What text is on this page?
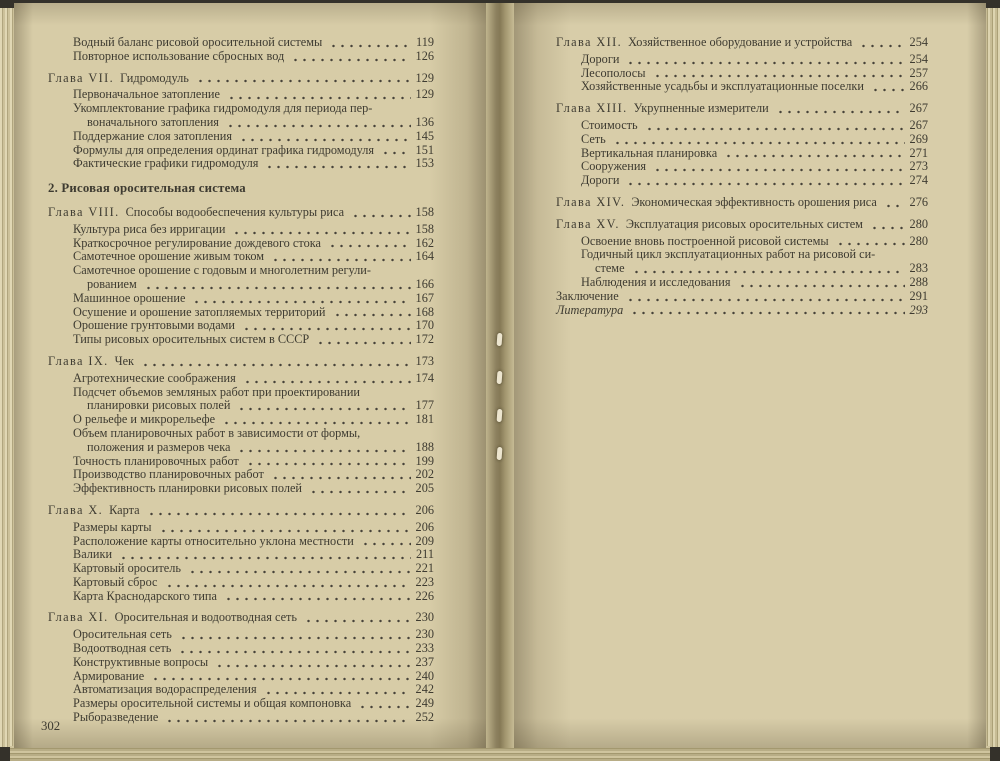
Водный баланс рисовой оросительной системы	119
Повторное использование сбросных вод	126
Глава VII. Гидромодуль	129
Первоначальное затопление	129
Укомплектование графика гидромодуля для периода пер-
воначального затопления	136
Поддержание слоя затопления	145
Формулы для определения ординат графика гидромодуля	151
Фактические графики гидромодуля	153
2. Рисовая оросительная система
Глава VIII. Способы водообеспечения культуры риса	158
Культура риса без ирригации	158
Краткосрочное регулирование дождевого стока	162
Самотечное орошение живым током	164
Самотечное орошение с годовым и многолетним регули-
рованием	166
Машинное орошение	167
Осушение и орошение затопляемых территорий	168
Орошение грунтовыми водами	170
Типы рисовых оросительных систем в СССР	172
Глава IX. Чек	173
Агротехнические соображения	174
Подсчет объемов земляных работ при проектировании
планировки рисовых полей	177
О рельефе и микрорельефе	181
Объем планировочных работ в зависимости от формы,
положения и размеров чека	188
Точность планировочных работ	199
Производство планировочных работ	202
Эффективность планировки рисовых полей	205
Глава X. Карта	206
Размеры карты	206
Расположение карты относительно уклона местности	209
Валики	211
Картовый ороситель	221
Картовый сброс	223
Карта Краснодарского типа	226
Глава XI. Оросительная и водоотводная сеть	230
Оросительная сеть	230
Водоотводная сеть	233
Конструктивные вопросы	237
Армирование	240
Автоматизация водораспределения	242
Размеры оросительной системы и общая компоновка	249
Рыборазведение	252
302
Глава XII. Хозяйственное оборудование и устройства	254
Дороги	254
Лесополосы	257
Хозяйственные усадьбы и эксплуатационные поселки	266
Глава XIII. Укрупненные измерители	267
Стоимость	267
Сеть	269
Вертикальная планировка	271
Сооружения	273
Дороги	274
Глава XIV. Экономическая эффективность орошения риса	276
Глава XV. Эксплуатация рисовых оросительных систем	280
Освоение вновь построенной рисовой системы	280
Годичный цикл эксплуатационных работ на рисовой си-
стеме	283
Наблюдения и исследования	288
Заключение	291
Литература	293
